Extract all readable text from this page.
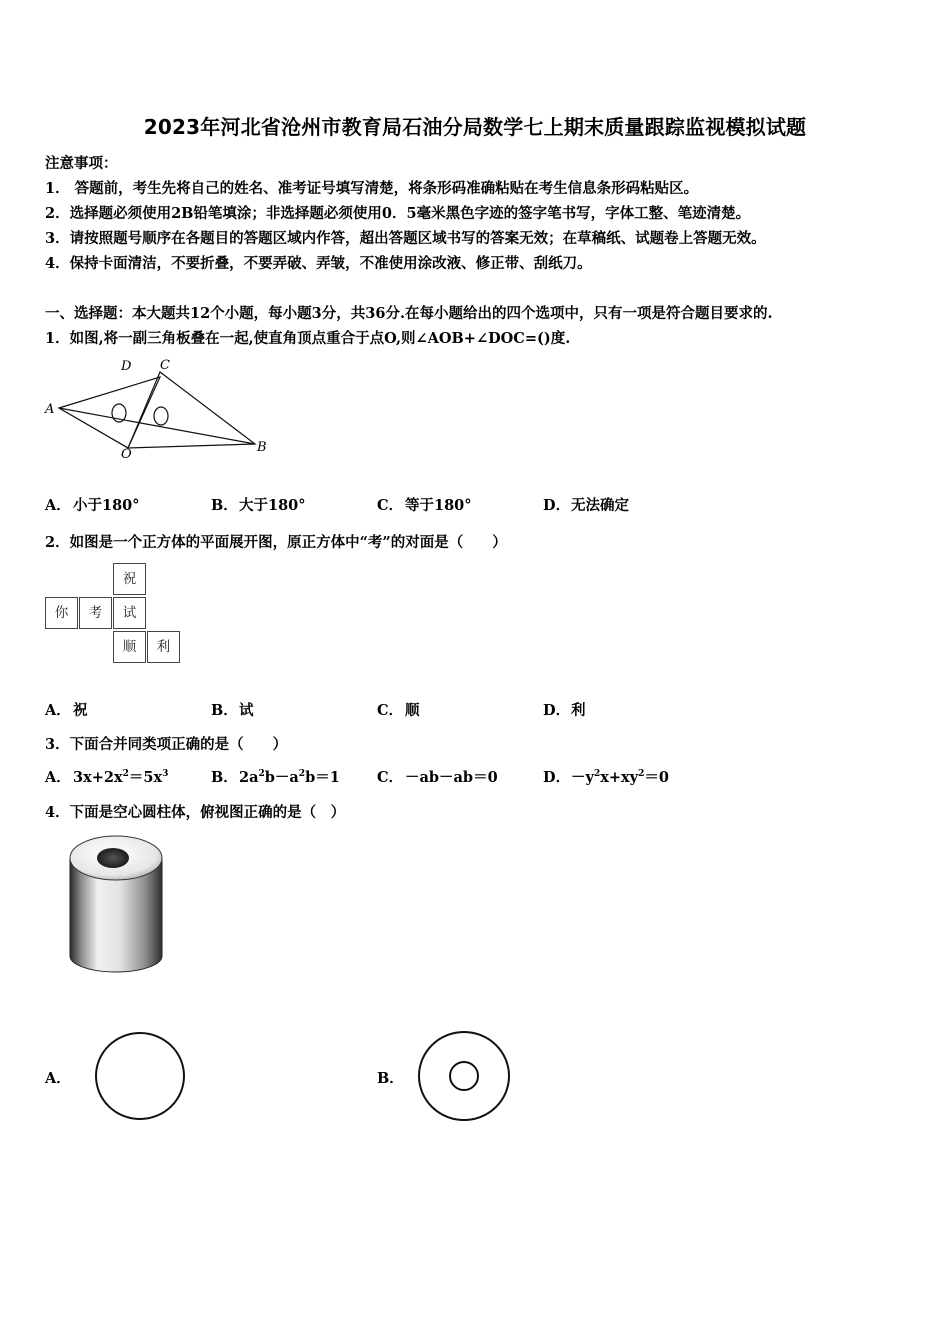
2023年河北省沧州市教育局石油分局数学七上期末质量跟踪监视模拟试题
注意事项：
1． 答题前，考生先将自己的姓名、准考证号填写清楚，将条形码准确粘贴在考生信息条形码粘贴区。
2．选择题必须使用2B铅笔填涂；非选择题必须使用0．5毫米黑色字迹的签字笔书写，字体工整、笔迹清楚。
3．请按照题号顺序在各题目的答题区域内作答，超出答题区域书写的答案无效；在草稿纸、试题卷上答题无效。
4．保持卡面清洁，不要折叠，不要弄破、弄皱，不准使用涂改液、修正带、刮纸刀。
一、选择题：本大题共12个小题，每小题3分，共36分.在每小题给出的四个选项中，只有一项是符合题目要求的.
1．如图,将一副三角板叠在一起,使直角顶点重合于点O,则∠AOB+∠DOC=()度.
D C
A
O	B
A． 小于180°	B．大于180°	C． 等于180°	D．无法确定
2．如图是一个正方体的平面展开图，原正方体中“考”的对面是（　　）
祝
你	考	试
顺	利
A． 祝	B．试	C． 顺	D．利
3．下面合并同类项正确的是（　　）
A． $3x+2x^2=5x^3$	B．$2a^2b-a^2b=1$	C． －ab－ab＝0	D．$-y^2x+xy^2=0$
4．下面是空心圆柱体，俯视图正确的是（　）
A．	B．
